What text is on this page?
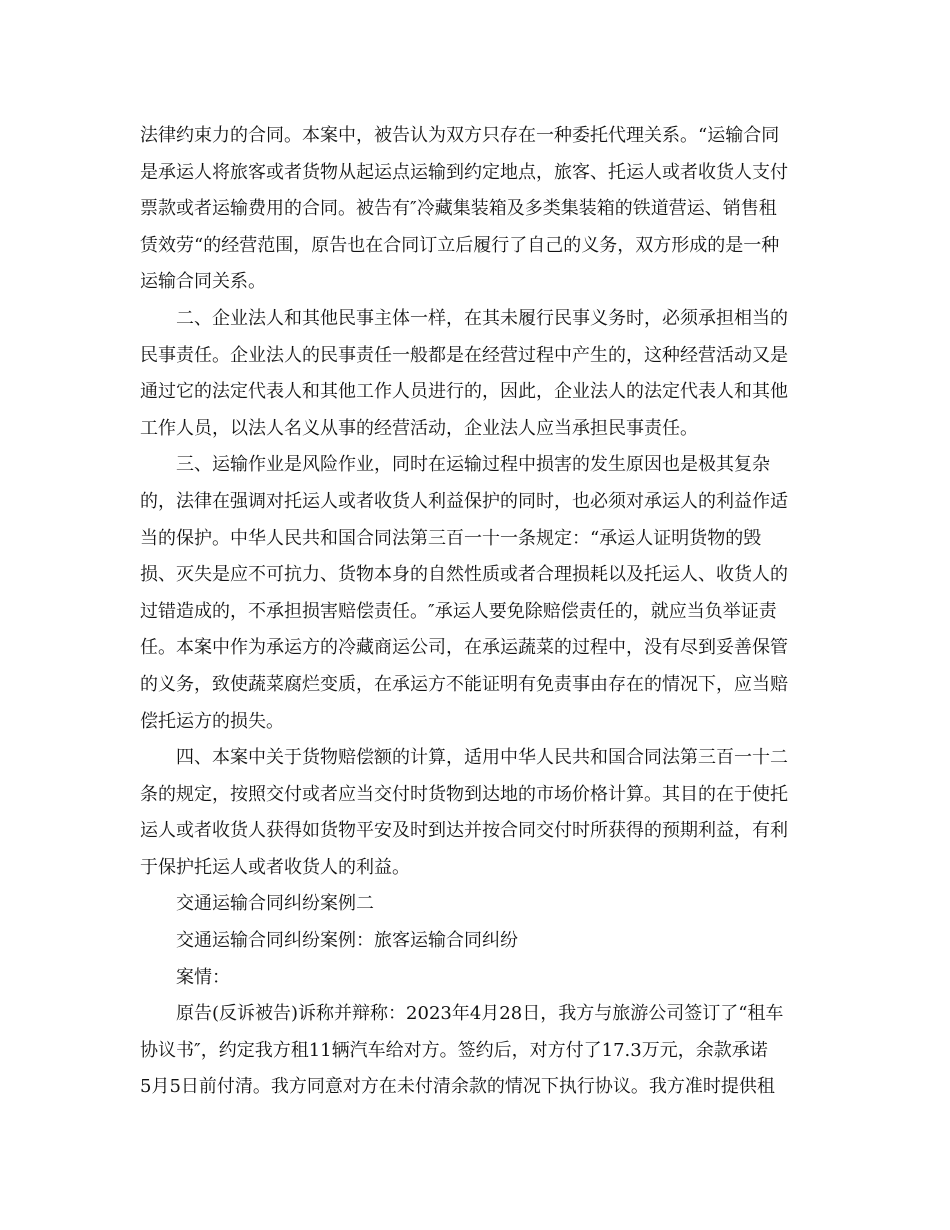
法律约束力的合同。本案中，被告认为双方只存在一种委托代理关系。“运输合同
是承运人将旅客或者货物从起运点运输到约定地点，旅客、托运人或者收货人支付
票款或者运输费用的合同。被告有″冷藏集装箱及多类集装箱的铁道营运、销售租
赁效劳“的经营范围，原告也在合同订立后履行了自己的义务，双方形成的是一种
运输合同关系。
二、企业法人和其他民事主体一样，在其未履行民事义务时，必须承担相当的
民事责任。企业法人的民事责任一般都是在经营过程中产生的，这种经营活动又是
通过它的法定代表人和其他工作人员进行的，因此，企业法人的法定代表人和其他
工作人员，以法人名义从事的经营活动，企业法人应当承担民事责任。
三、运输作业是风险作业，同时在运输过程中损害的发生原因也是极其复杂
的，法律在强调对托运人或者收货人利益保护的同时，也必须对承运人的利益作适
当的保护。中华人民共和国合同法第三百一十一条规定：“承运人证明货物的毁
损、灭失是应不可抗力、货物本身的自然性质或者合理损耗以及托运人、收货人的
过错造成的，不承担损害赔偿责任。″承运人要免除赔偿责任的，就应当负举证责
任。本案中作为承运方的冷藏商运公司，在承运蔬菜的过程中，没有尽到妥善保管
的义务，致使蔬菜腐烂变质，在承运方不能证明有免责事由存在的情况下，应当赔
偿托运方的损失。
四、本案中关于货物赔偿额的计算，适用中华人民共和国合同法第三百一十二
条的规定，按照交付或者应当交付时货物到达地的市场价格计算。其目的在于使托
运人或者收货人获得如货物平安及时到达并按合同交付时所获得的预期利益，有利
于保护托运人或者收货人的利益。
交通运输合同纠纷案例二
交通运输合同纠纷案例：旅客运输合同纠纷
案情：
原告(反诉被告)诉称并辩称：2023年4月28日，我方与旅游公司签订了“租车
协议书″，约定我方租11辆汽车给对方。签约后，对方付了17.3万元，余款承诺
5月5日前付清。我方同意对方在未付清余款的情况下执行协议。我方准时提供租
